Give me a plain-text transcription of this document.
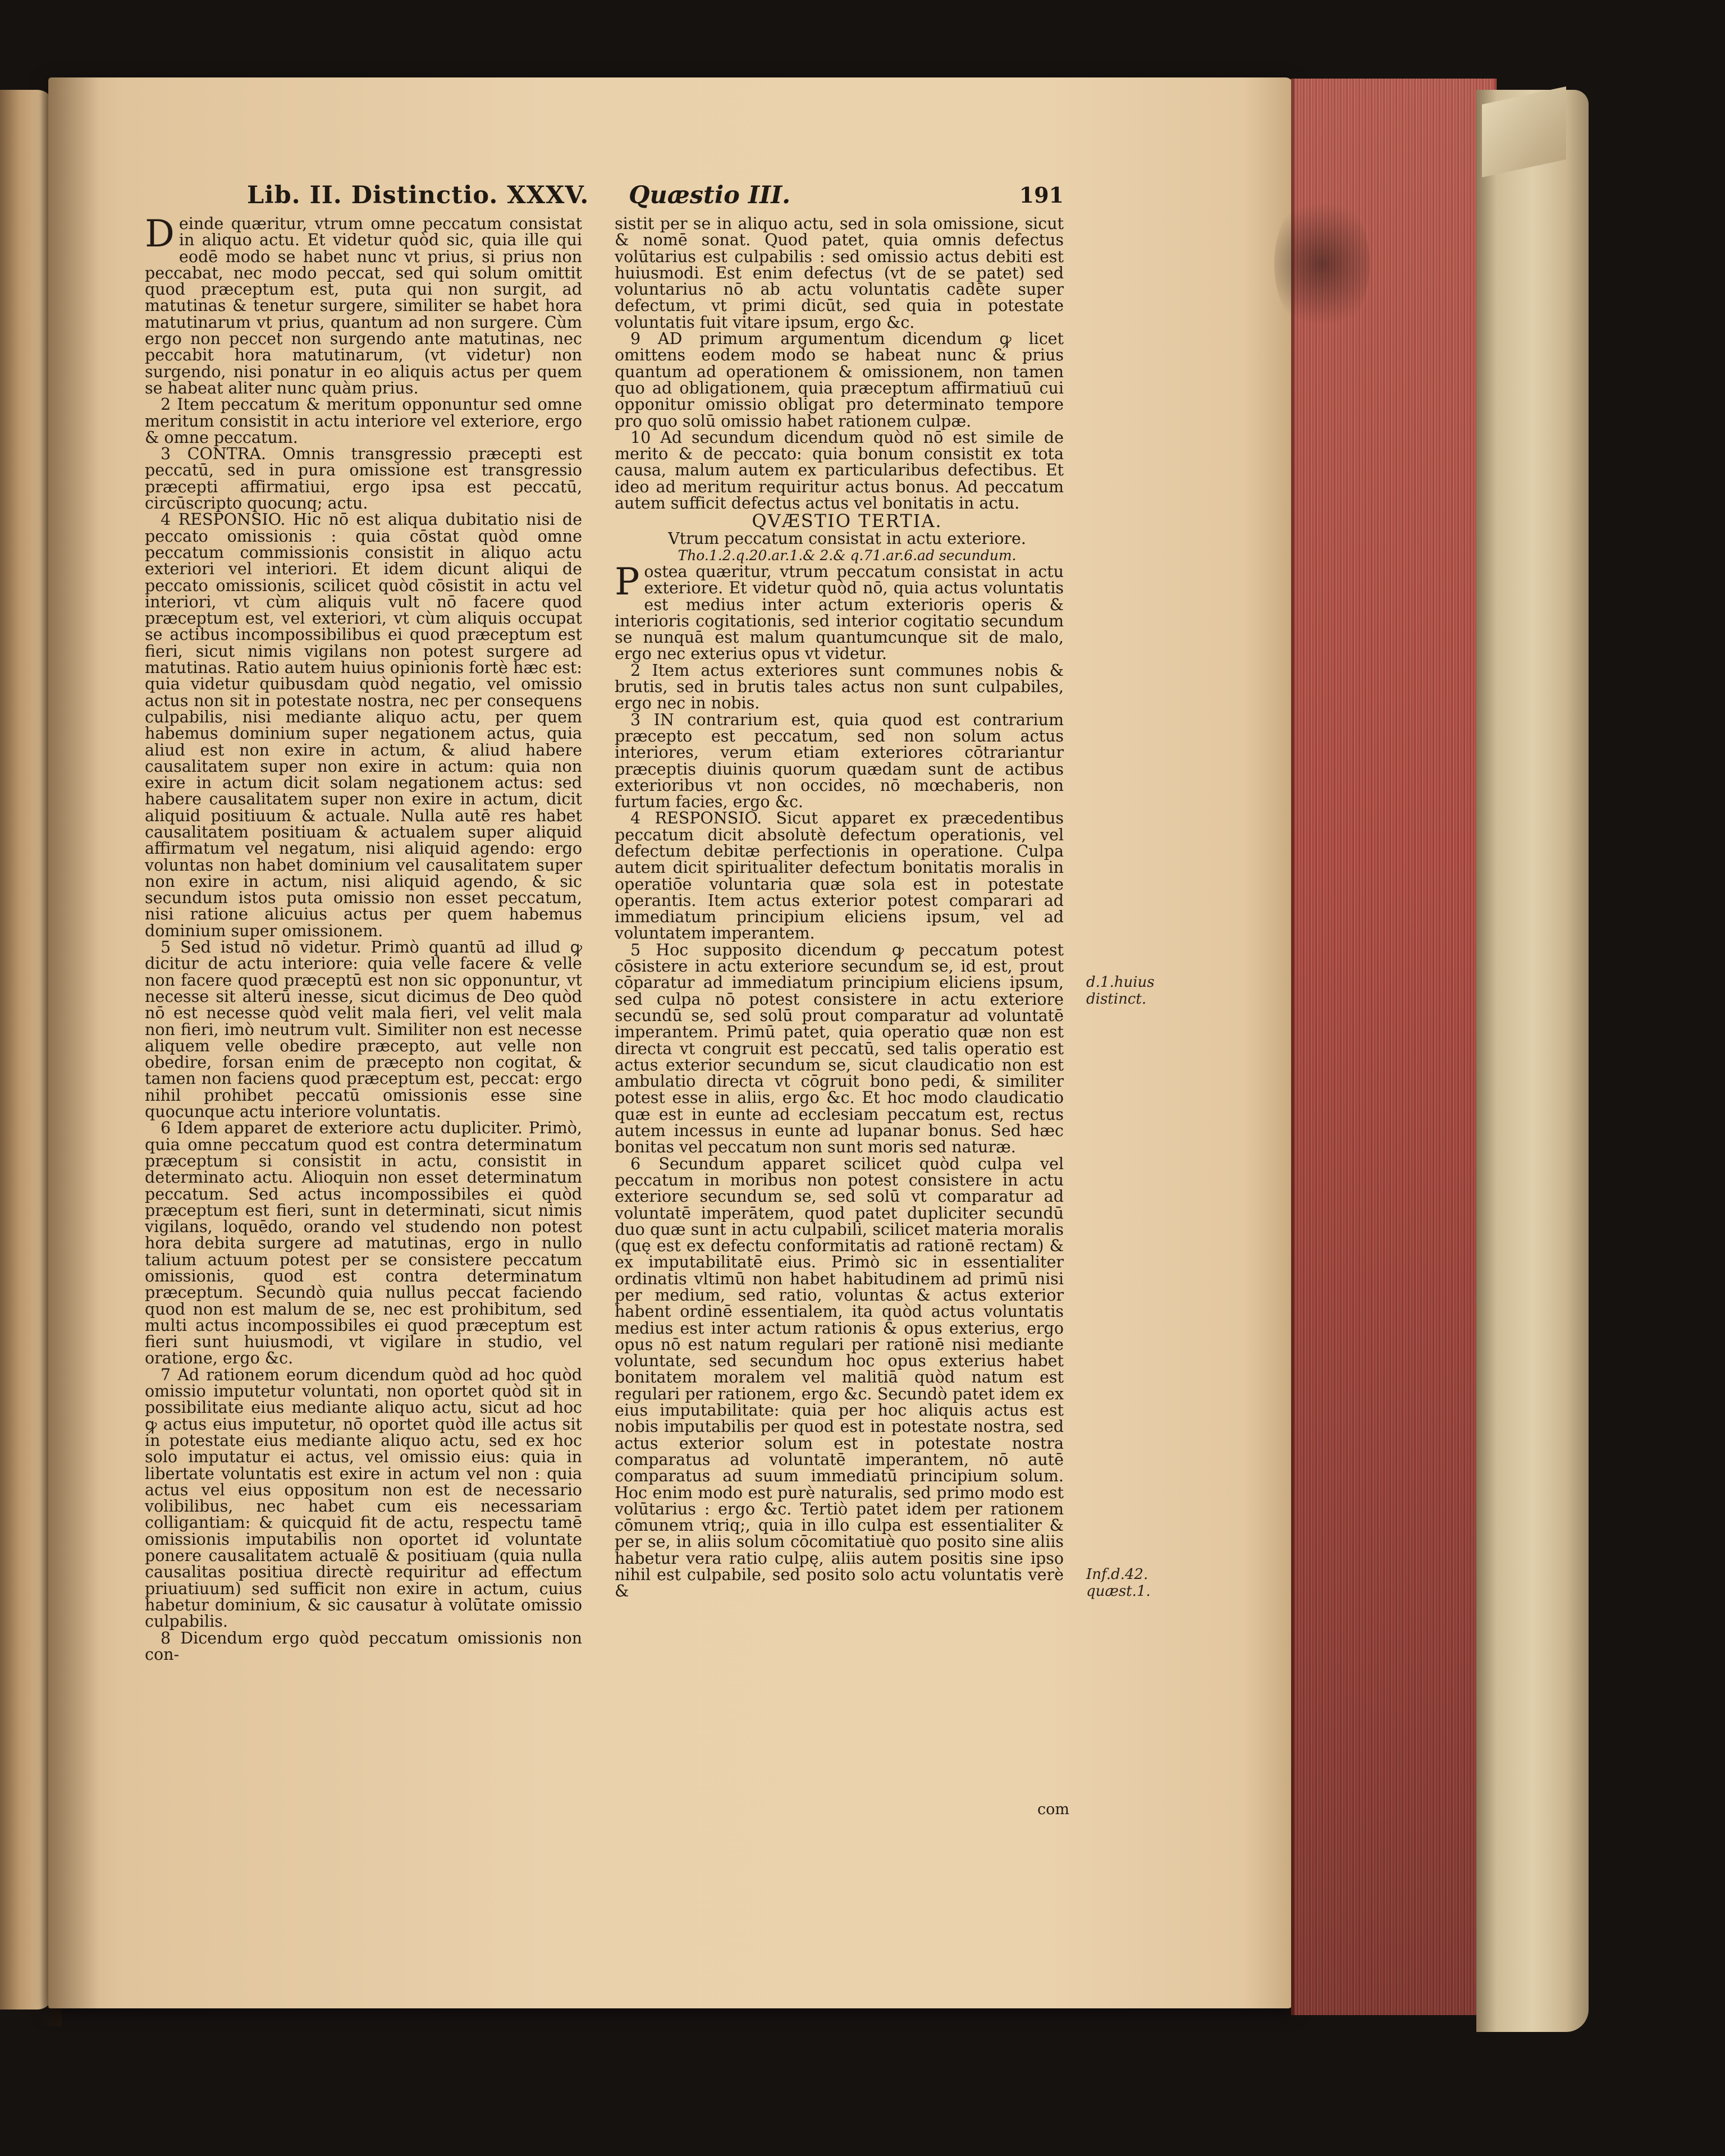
Lib. II. Distinctio. XXXV. Quæstio III.	191

Deinde quæritur, vtrum omne peccatum consistat in aliquo actu. Et videtur quòd sic, quia ille qui eodē modo se habet nunc vt prius, si prius non peccabat, nec modo peccat, sed qui solum omittit quod præceptum est, puta qui non surgit, ad matutinas & tenetur surgere, similiter se habet hora matutinarum vt prius, quantum ad non surgere. Cùm ergo non peccet non surgendo ante matutinas, nec peccabit hora matutinarum, (vt videtur) non surgendo, nisi ponatur in eo aliquis actus per quem se habeat aliter nunc quàm prius.

2 Item peccatum & meritum opponuntur sed omne meritum consistit in actu interiore vel exteriore, ergo & omne peccatum.

3 CONTRA. Omnis transgressio præcepti est peccatū, sed in pura omissione est transgressio præcepti affirmatiui, ergo ipsa est peccatū, circūscripto quocunq; actu.

4 RESPONSIO. Hic nō est aliqua dubitatio nisi de peccato omissionis : quia cōstat quòd omne peccatum commissionis consistit in aliquo actu exteriori vel interiori. Et idem dicunt aliqui de peccato omissionis, scilicet quòd cōsistit in actu vel interiori, vt cùm aliquis vult nō facere quod præceptum est, vel exteriori, vt cùm aliquis occupat se actibus incompossibilibus ei quod præceptum est fieri, sicut nimis vigilans non potest surgere ad matutinas. Ratio autem huius opinionis fortè hæc est: quia videtur quibusdam quòd negatio, vel omissio actus non sit in potestate nostra, nec per consequens culpabilis, nisi mediante aliquo actu, per quem habemus dominium super negationem actus, quia aliud est non exire in actum, & aliud habere causalitatem super non exire in actum: quia non exire in actum dicit solam negationem actus: sed habere causalitatem super non exire in actum, dicit aliquid positiuum & actuale. Nulla autē res habet causalitatem positiuam & actualem super aliquid affirmatum vel negatum, nisi aliquid agendo: ergo voluntas non habet dominium vel causalitatem super non exire in actum, nisi aliquid agendo, & sic secundum istos puta omissio non esset peccatum, nisi ratione alicuius actus per quem habemus dominium super omissionem.

5 Sed istud nō videtur. Primò quantū ad illud ꝙ dicitur de actu interiore: quia velle facere & velle non facere quod præceptū est non sic opponuntur, vt necesse sit alterū inesse, sicut dicimus de Deo quòd nō est necesse quòd velit mala fieri, vel velit mala non fieri, imò neutrum vult. Similiter non est necesse aliquem velle obedire præcepto, aut velle non obedire, forsan enim de præcepto non cogitat, & tamen non faciens quod præceptum est, peccat: ergo nihil prohibet peccatū omissionis esse sine quocunque actu interiore voluntatis.

6 Idem apparet de exteriore actu dupliciter. Primò, quia omne peccatum quod est contra determinatum præceptum si consistit in actu, consistit in determinato actu. Alioquin non esset determinatum peccatum. Sed actus incompossibiles ei quòd præceptum est fieri, sunt in determinati, sicut nimis vigilans, loquēdo, orando vel studendo non potest hora debita surgere ad matutinas, ergo in nullo talium actuum potest per se consistere peccatum omissionis, quod est contra determinatum præceptum. Secundò quia nullus peccat faciendo quod non est malum de se, nec est prohibitum, sed multi actus incompossibiles ei quod præceptum est fieri sunt huiusmodi, vt vigilare in studio, vel oratione, ergo &c.

7 Ad rationem eorum dicendum quòd ad hoc quòd omissio imputetur voluntati, non oportet quòd sit in possibilitate eius mediante aliquo actu, sicut ad hoc ꝙ actus eius imputetur, nō oportet quòd ille actus sit in potestate eius mediante aliquo actu, sed ex hoc solo imputatur ei actus, vel omissio eius: quia in libertate voluntatis est exire in actum vel non : quia actus vel eius oppositum non est de necessario volibilibus, nec habet cum eis necessariam colligantiam: & quicquid fit de actu, respectu tamē omissionis imputabilis non oportet id voluntate ponere causalitatem actualē & positiuam (quia nulla causalitas positiua directè requiritur ad effectum priuatiuum) sed sufficit non exire in actum, cuius habetur dominium, & sic causatur à volūtate omissio culpabilis.

8 Dicendum ergo quòd peccatum omissionis non con-

sistit per se in aliquo actu, sed in sola omissione, sicut & nomē sonat. Quod patet, quia omnis defectus volūtarius est culpabilis : sed omissio actus debiti est huiusmodi. Est enim defectus (vt de se patet) sed voluntarius nō ab actu voluntatis cadēte super defectum, vt primi dicūt, sed quia in potestate voluntatis fuit vitare ipsum, ergo &c.

9 AD primum argumentum dicendum ꝙ licet omittens eodem modo se habeat nunc & prius quantum ad operationem & omissionem, non tamen quo ad obligationem, quia præceptum affirmatiuū cui opponitur omissio obligat pro determinato tempore pro quo solū omissio habet rationem culpæ.

10 Ad secundum dicendum quòd nō est simile de merito & de peccato: quia bonum consistit ex tota causa, malum autem ex particularibus defectibus. Et ideo ad meritum requiritur actus bonus. Ad peccatum autem sufficit defectus actus vel bonitatis in actu.

QVÆSTIO TERTIA.

Vtrum peccatum consistat in actu exteriore.

Tho.1.2.q.20.ar.1.& 2.& q.71.ar.6.ad secundum.

Postea quæritur, vtrum peccatum consistat in actu exteriore. Et videtur quòd nō, quia actus voluntatis est medius inter actum exterioris operis & interioris cogitationis, sed interior cogitatio secundum se nunquā est malum quantumcunque sit de malo, ergo nec exterius opus vt videtur.

2 Item actus exteriores sunt communes nobis & brutis, sed in brutis tales actus non sunt culpabiles, ergo nec in nobis.

3 IN contrarium est, quia quod est contrarium præcepto est peccatum, sed non solum actus interiores, verum etiam exteriores cōtrariantur præceptis diuinis quorum quædam sunt de actibus exterioribus vt non occides, nō mœchaberis, non furtum facies, ergo &c.

4 RESPONSIO. Sicut apparet ex præcedentibus peccatum dicit absolutè defectum operationis, vel defectum debitæ perfectionis in operatione. Culpa autem dicit spiritualiter defectum bonitatis moralis in operatiōe voluntaria quæ sola est in potestate operantis. Item actus exterior potest comparari ad immediatum principium eliciens ipsum, vel ad voluntatem imperantem.

5 Hoc supposito dicendum ꝙ peccatum potest cōsistere in actu exteriore secundum se, id est, prout cōparatur ad immediatum principium eliciens ipsum, sed culpa nō potest consistere in actu exteriore secundū se, sed solū prout comparatur ad voluntatē imperantem. Primū patet, quia operatio quæ non est directa vt congruit est peccatū, sed talis operatio est actus exterior secundum se, sicut claudicatio non est ambulatio directa vt cōgruit bono pedi, & similiter potest esse in aliis, ergo &c. Et hoc modo claudicatio quæ est in eunte ad ecclesiam peccatum est, rectus autem incessus in eunte ad lupanar bonus. Sed hæc bonitas vel peccatum non sunt moris sed naturæ.

6 Secundum apparet scilicet quòd culpa vel peccatum in moribus non potest consistere in actu exteriore secundum se, sed solū vt comparatur ad voluntatē imperātem, quod patet dupliciter secundū duo quæ sunt in actu culpabili, scilicet materia moralis (quę est ex defectu conformitatis ad rationē rectam) & ex imputabilitatē eius. Primò sic in essentialiter ordinatis vltimū non habet habitudinem ad primū nisi per medium, sed ratio, voluntas & actus exterior habent ordinē essentialem, ita quòd actus voluntatis medius est inter actum rationis & opus exterius, ergo opus nō est natum regulari per rationē nisi mediante voluntate, sed secundum hoc opus exterius habet bonitatem moralem vel malitiā quòd natum est regulari per rationem, ergo &c. Secundò patet idem ex eius imputabilitate: quia per hoc aliquis actus est nobis imputabilis per quod est in potestate nostra, sed actus exterior solum est in potestate nostra comparatus ad voluntatē imperantem, nō autē comparatus ad suum immediatū principium solum. Hoc enim modo est purè naturalis, sed primo modo est volūtarius : ergo &c. Tertiò patet idem per rationem cōmunem vtriq;, quia in illo culpa est essentialiter & per se, in aliis solum cōcomitatiuè quo posito sine aliis habetur vera ratio culpę, aliis autem positis sine ipso nihil est culpabile, sed posito solo actu voluntatis verè &

d.1.huius distinct.
Inf.d.42. quæst.1.
com
